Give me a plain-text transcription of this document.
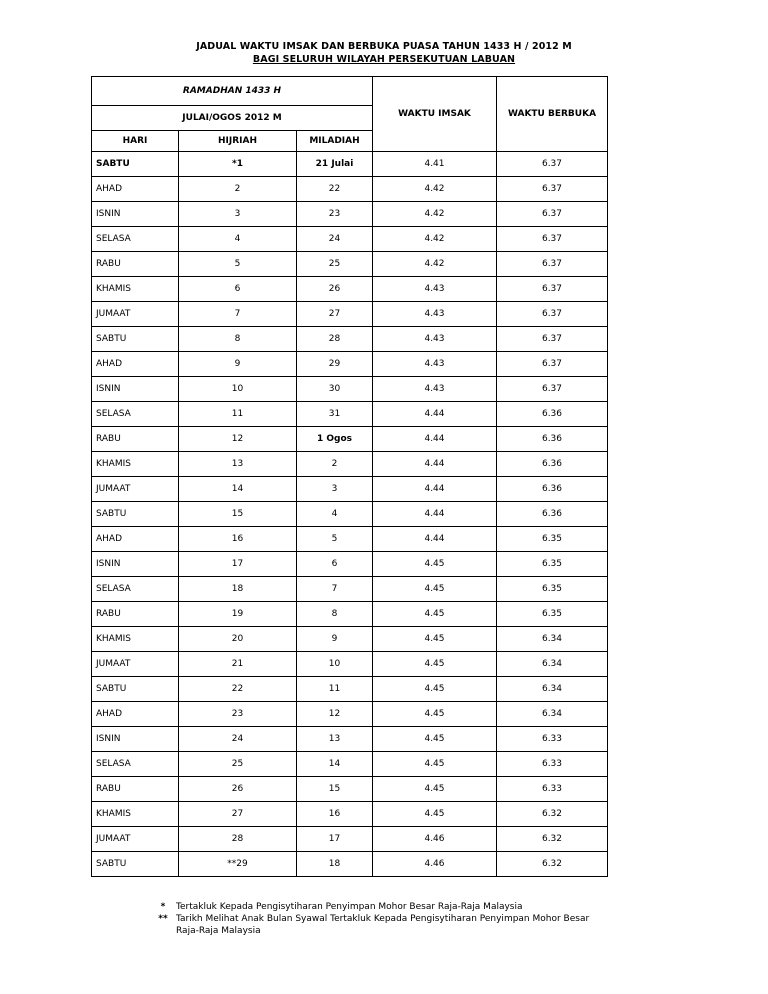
JADUAL WAKTU IMSAK DAN BERBUKA PUASA TAHUN 1433 H / 2012 M
BAGI SELURUH WILAYAH PERSEKUTUAN LABUAN
RAMADHAN 1433 H			WAKTU IMSAK	WAKTU BERBUKA
JULAI/OGOS 2012 M				
HARI	HIJRIAH	MILADIAH		
SABTU	*1	21 Julai	4.41	6.37
AHAD	2	22	4.42	6.37
ISNIN	3	23	4.42	6.37
SELASA	4	24	4.42	6.37
RABU	5	25	4.42	6.37
KHAMIS	6	26	4.43	6.37
JUMAAT	7	27	4.43	6.37
SABTU	8	28	4.43	6.37
AHAD	9	29	4.43	6.37
ISNIN	10	30	4.43	6.37
SELASA	11	31	4.44	6.36
RABU	12	1 Ogos	4.44	6.36
KHAMIS	13	2	4.44	6.36
JUMAAT	14	3	4.44	6.36
SABTU	15	4	4.44	6.36
AHAD	16	5	4.44	6.35
ISNIN	17	6	4.45	6.35
SELASA	18	7	4.45	6.35
RABU	19	8	4.45	6.35
KHAMIS	20	9	4.45	6.34
JUMAAT	21	10	4.45	6.34
SABTU	22	11	4.45	6.34
AHAD	23	12	4.45	6.34
ISNIN	24	13	4.45	6.33
SELASA	25	14	4.45	6.33
RABU	26	15	4.45	6.33
KHAMIS	27	16	4.45	6.32
JUMAAT	28	17	4.46	6.32
SABTU	**29	18	4.46	6.32
*	Tertakluk Kepada Pengisytiharan Penyimpan Mohor Besar Raja-Raja Malaysia
** Tarikh Melihat Anak Bulan Syawal Tertakluk Kepada Pengisytiharan Penyimpan Mohor Besar Raja-Raja Malaysia
